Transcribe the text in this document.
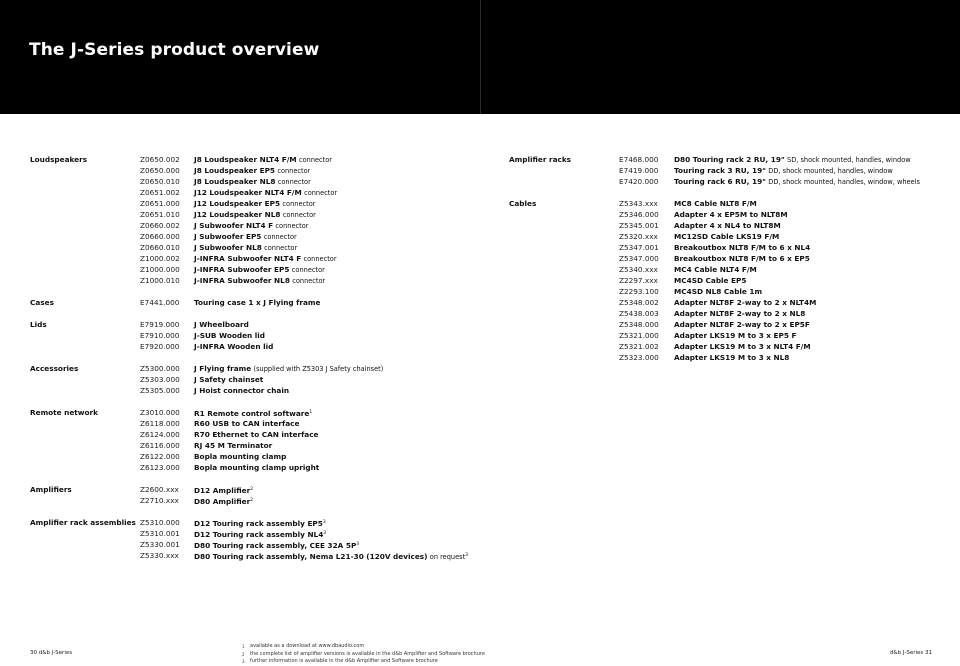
The J-Series product overview
Loudspeakers	Z0650.002 J8 Loudspeaker NLT4 F/M connector
Z0650.000 J8 Loudspeaker EP5 connector
Z0650.010 J8 Loudspeaker NL8 connector
Z0651.002 J12 Loudspeaker NLT4 F/M connector
Z0651.000 J12 Loudspeaker EP5 connector
Z0651.010 J12 Loudspeaker NL8 connector
Z0660.002 J Subwoofer NLT4 F connector
Z0660.000 J Subwoofer EP5 connector
Z0660.010 J Subwoofer NL8 connector
Z1000.002 J-INFRA Subwoofer NLT4 F connector
Z1000.000 J-INFRA Subwoofer EP5 connector
Z1000.010 J-INFRA Subwoofer NL8 connector
Cases	E7441.000 Touring case 1 x J Flying frame
Lids	E7919.000 J Wheelboard
E7910.000 J-SUB Wooden lid
E7920.000 J-INFRA Wooden lid
Accessories	Z5300.000 J Flying frame (supplied with Z5303 J Safety chainset)
Z5303.000 J Safety chainset
Z5305.000 J Hoist connector chain
Remote network	Z3010.000 R1 Remote control software$^1$
Z6118.000 R60 USB to CAN interface
Z6124.000 R70 Ethernet to CAN interface
Z6116.000 RJ 45 M Terminator
Z6122.000 Bopla mounting clamp
Z6123.000 Bopla mounting clamp upright
Amplifiers	Z2600.xxx D12 Amplifier$^2$
Z2710.xxx D80 Amplifier$^2$
Amplifier rack assemblies Z5310.000 D12 Touring rack assembly $EP5^3$
Z5310.001 D12 Touring rack assembly $NL4^3$
Z5330.001 D80 Touring rack assembly, CEE 32A $5P^3$
Z5330.xxx D80 Touring rack assembly, Nema L21-30 (120V devices) on request$^3$
Amplifier racks	E7468.000 D80 Touring rack 2 RU, 19" SD, shock mounted, handles, window
E7419.000 Touring rack 3 RU, 19" DD, shock mounted, handles, window
E7420.000 Touring rack 6 RU, 19" DD, shock mounted, handles, window, wheels
Cables	Z5343.xxx MC8 Cable NLT8 F/M
Z5346.000 Adapter 4 x EP5M to NLT8M
Z5345.001 Adapter 4 x NL4 to NLT8M
Z5320.xxx MC12SD Cable LKS19 F/M
Z5347.001 Breakoutbox NLT8 F/M to 6 x NL4
Z5347.000 Breakoutbox NLT8 F/M to 6 x EP5
Z5340.xxx MC4 Cable NLT4 F/M
Z2297.xxx MC4SD Cable EP5
Z2293.100 MC4SD NL8 Cable 1m
Z5348.002 Adapter NLT8F 2-way to 2 x NLT4M
Z5438.003 Adapter NLT8F 2-way to 2 x NL8
Z5348.000 Adapter NLT8F 2-way to 2 x EP5F
Z5321.000 Adapter LKS19 M to 3 x EP5 F
Z5321.002 Adapter LKS19 M to 3 x NLT4 F/M
Z5323.000 Adapter LKS19 M to 3 x NL8
1 available as a download at www.dbaudio.com
2 the complete list of amplifier versions is available in the d&b Amplifier and Software brochure
3 further information is available in the d&b Amplifier and Software brochure
30 d&b J-Series	d&b J-Series 31
